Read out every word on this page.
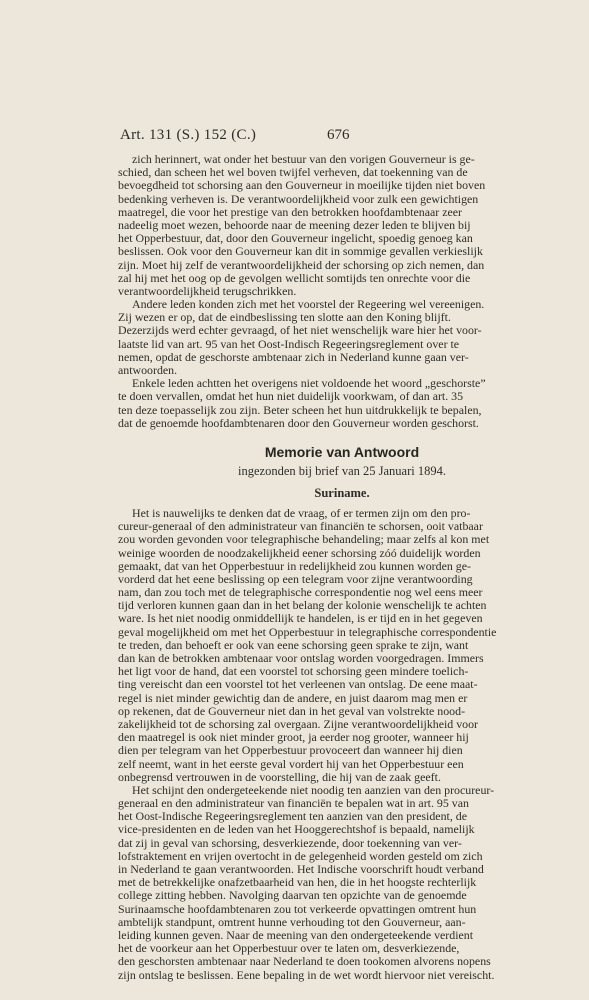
Art. 131 (S.) 152 (C.)	676
zich herinnert, wat onder het bestuur van den vorigen Gouverneur is ge-
schied, dan scheen het wel boven twijfel verheven, dat toekenning van de
bevoegdheid tot schorsing aan den Gouverneur in moeilijke tijden niet boven
bedenking verheven is. De verantwoordelijkheid voor zulk een gewichtigen
maatregel, die voor het prestige van den betrokken hoofdambtenaar zeer
nadeelig moet wezen, behoorde naar de meening dezer leden te blijven bij
het Opperbestuur, dat, door den Gouverneur ingelicht, spoedig genoeg kan
beslissen. Ook voor den Gouverneur kan dit in sommige gevallen verkieslijk
zijn. Moet hij zelf de verantwoordelijkheid der schorsing op zich nemen, dan
zal hij met het oog op de gevolgen wellicht somtijds ten onrechte voor die
verantwoordelijkheid terugschrikken.
Andere leden konden zich met het voorstel der Regeering wel vereenigen.
Zij wezen er op, dat de eindbeslissing ten slotte aan den Koning blijft.
Dezerzijds werd echter gevraagd, of het niet wenschelijk ware hier het voor-
laatste lid van art. 95 van het Oost-Indisch Regeeringsreglement over te
nemen, opdat de geschorste ambtenaar zich in Nederland kunne gaan ver-
antwoorden.
Enkele leden achtten het overigens niet voldoende het woord „geschorste”
te doen vervallen, omdat het hun niet duidelijk voorkwam, of dan art. 35
ten deze toepasselijk zou zijn. Beter scheen het hun uitdrukkelijk te bepalen,
dat de genoemde hoofdambtenaren door den Gouverneur worden geschorst.
Memorie van Antwoord
ingezonden bij brief van 25 Januari 1894.
Suriname.
Het is nauwelijks te denken dat de vraag, of er termen zijn om den pro-
cureur-generaal of den administrateur van financiën te schorsen, ooit vatbaar
zou worden gevonden voor telegraphische behandeling; maar zelfs al kon met
weinige woorden de noodzakelijkheid eener schorsing zóó duidelijk worden
gemaakt, dat van het Opperbestuur in redelijkheid zou kunnen worden ge-
vorderd dat het eene beslissing op een telegram voor zijne verantwoording
nam, dan zou toch met de telegraphische correspondentie nog wel eens meer
tijd verloren kunnen gaan dan in het belang der kolonie wenschelijk te achten
ware. Is het niet noodig onmiddellijk te handelen, is er tijd en in het gegeven
geval mogelijkheid om met het Opperbestuur in telegraphische correspondentie
te treden, dan behoeft er ook van eene schorsing geen sprake te zijn, want
dan kan de betrokken ambtenaar voor ontslag worden voorgedragen. Immers
het ligt voor de hand, dat een voorstel tot schorsing geen mindere toelich-
ting vereischt dan een voorstel tot het verleenen van ontslag. De eene maat-
regel is niet minder gewichtig dan de andere, en juist daarom mag men er
op rekenen, dat de Gouverneur niet dan in het geval van volstrekte nood-
zakelijkheid tot de schorsing zal overgaan. Zijne verantwoordelijkheid voor
den maatregel is ook niet minder groot, ja eerder nog grooter, wanneer hij
dien per telegram van het Opperbestuur provoceert dan wanneer hij dien
zelf neemt, want in het eerste geval vordert hij van het Opperbestuur een
onbegrensd vertrouwen in de voorstelling, die hij van de zaak geeft.
Het schijnt den ondergeteekende niet noodig ten aanzien van den procureur-
generaal en den administrateur van financiën te bepalen wat in art. 95 van
het Oost-Indische Regeeringsreglement ten aanzien van den president, de
vice-presidenten en de leden van het Hooggerechtshof is bepaald, namelijk
dat zij in geval van schorsing, desverkiezende, door toekenning van ver-
lofstraktement en vrijen overtocht in de gelegenheid worden gesteld om zich
in Nederland te gaan verantwoorden. Het Indische voorschrift houdt verband
met de betrekkelijke onafzetbaarheid van hen, die in het hoogste rechterlijk
college zitting hebben. Navolging daarvan ten opzichte van de genoemde
Surinaamsche hoofdambtenaren zou tot verkeerde opvattingen omtrent hun
ambtelijk standpunt, omtrent hunne verhouding tot den Gouverneur, aan-
leiding kunnen geven. Naar de meening van den ondergeteekende verdient
het de voorkeur aan het Opperbestuur over te laten om, desverkiezende,
den geschorsten ambtenaar naar Nederland te doen tookomen alvorens nopens
zijn ontslag te beslissen. Eene bepaling in de wet wordt hiervoor niet vereischt.
